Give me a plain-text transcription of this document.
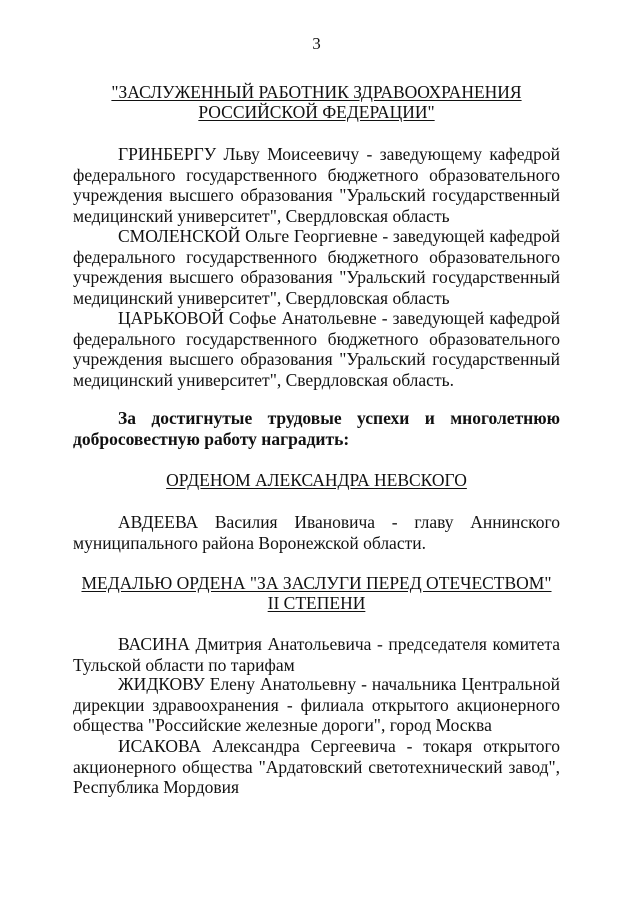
3
"ЗАСЛУЖЕННЫЙ РАБОТНИК ЗДРАВООХРАНЕНИЯ
РОССИЙСКОЙ ФЕДЕРАЦИИ"
ГРИНБЕРГУ Льву Моисеевичу - заведующему кафедрой федерального государственного бюджетного образовательного учреждения высшего образования "Уральский государственный медицинский университет", Свердловская область
СМОЛЕНСКОЙ Ольге Георгиевне - заведующей кафедрой федерального государственного бюджетного образовательного учреждения высшего образования "Уральский государственный медицинский университет", Свердловская область
ЦАРЬКОВОЙ Софье Анатольевне - заведующей кафедрой федерального государственного бюджетного образовательного учреждения высшего образования "Уральский государственный медицинский университет", Свердловская область.
За достигнутые трудовые успехи и многолетнюю добросовестную работу наградить:
ОРДЕНОМ АЛЕКСАНДРА НЕВСКОГО
АВДЕЕВА Василия Ивановича - главу Аннинского муниципального района Воронежской области.
МЕДАЛЬЮ ОРДЕНА "ЗА ЗАСЛУГИ ПЕРЕД ОТЕЧЕСТВОМ"
II СТЕПЕНИ
ВАСИНА Дмитрия Анатольевича - председателя комитета Тульской области по тарифам
ЖИДКОВУ Елену Анатольевну - начальника Центральной дирекции здравоохранения - филиала открытого акционерного общества "Российские железные дороги", город Москва
ИСАКОВА Александра Сергеевича - токаря открытого акционерного общества "Ардатовский светотехнический завод", Республика Мордовия
